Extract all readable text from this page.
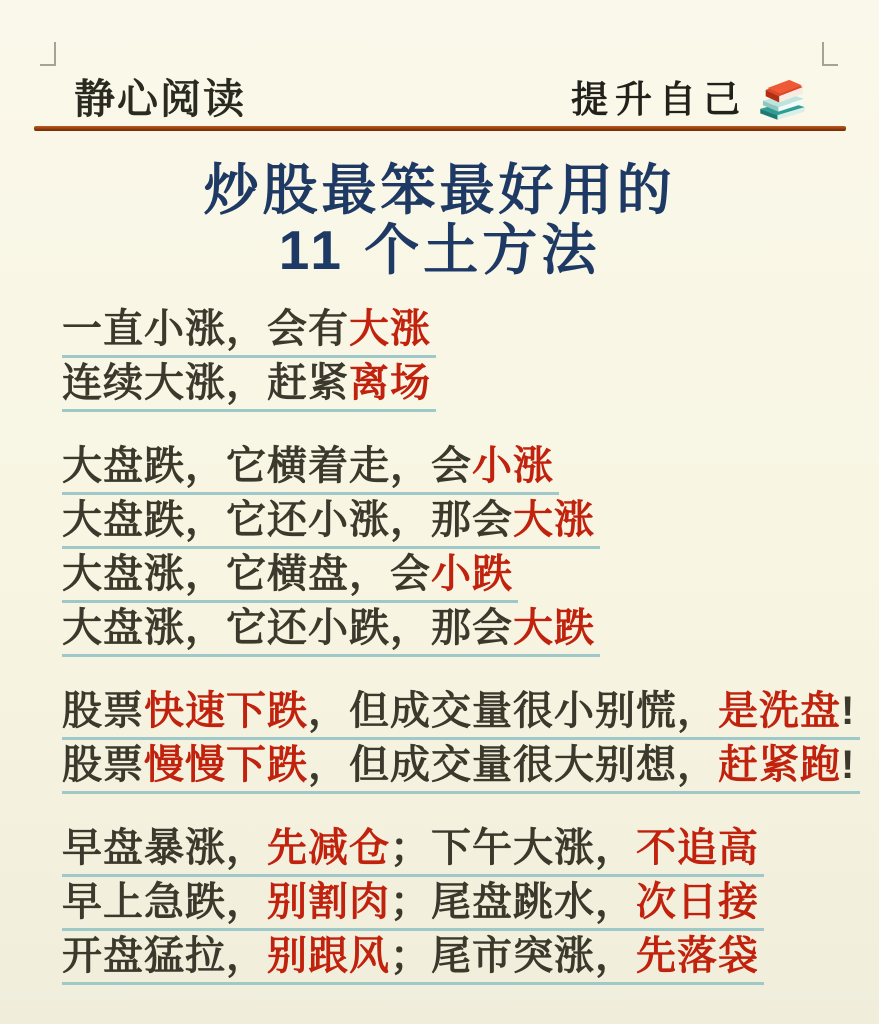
静心阅读	提升自己
炒股最笨最好用的
11 个土方法
一直小涨，会有大涨
连续大涨，赶紧离场
大盘跌，它横着走，会小涨
大盘跌，它还小涨，那会大涨
大盘涨，它横盘，会小跌
大盘涨，它还小跌，那会大跌
股票快速下跌，但成交量很小别慌，是洗盘!
股票慢慢下跌，但成交量很大别想，赶紧跑!
早盘暴涨，先减仓；下午大涨，不追高
早上急跌，别割肉；尾盘跳水，次日接
开盘猛拉，别跟风；尾市突涨，先落袋
